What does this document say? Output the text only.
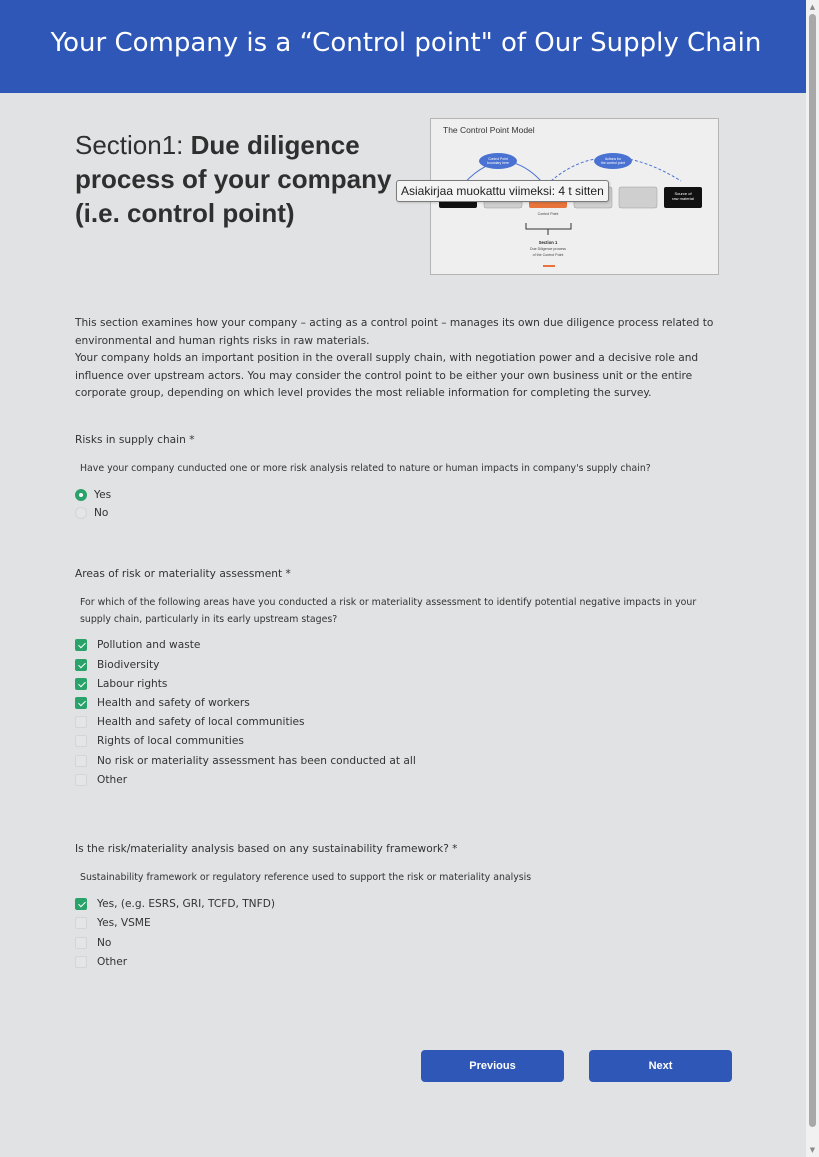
Your Company is a “Control point" of Our Supply Chain
▲
▼
Section1: Due diligence process of your company (i.e. control point)
The Control Point Model
Control Point
boundary here
Actions for
the control point
Source of
raw material
Control Point
Section 1
Due Diligence process
of the Control Point
Asiakirjaa muokattu viimeksi: 4 t sitten

This section examines how your company – acting as a control point – manages its own due diligence process related to environmental and human rights risks in raw materials.

Your company holds an important position in the overall supply chain, with negotiation power and a decisive role and influence over upstream actors. You may consider the control point to be either your own business unit or the entire corporate group, depending on which level provides the most reliable information for completing the survey.

Risks in supply chain *
Have your company cunducted one or more risk analysis related to nature or human impacts in company's supply chain?
Yes
No
Areas of risk or materiality assessment *
For which of the following areas have you conducted a risk or materiality assessment to identify potential negative impacts in your supply chain, particularly in its early upstream stages?
Pollution and waste
Biodiversity
Labour rights
Health and safety of workers
Health and safety of local communities
Rights of local communities
No risk or materiality assessment has been conducted at all
Other
Is the risk/materiality analysis based on any sustainability framework? *
Sustainability framework or regulatory reference used to support the risk or materiality analysis
Yes, (e.g. ESRS, GRI, TCFD, TNFD)
Yes, VSME
No
Other
Previous	Next
